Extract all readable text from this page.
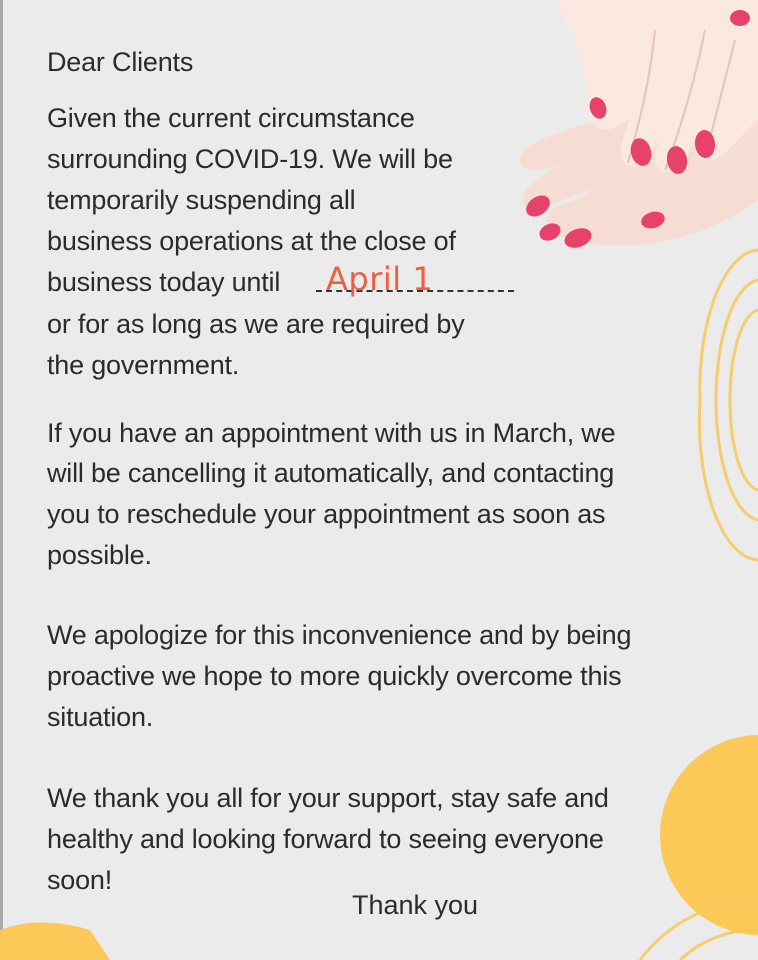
Dear Clients
Given the current circumstance
surrounding COVID-19. We will be
temporarily suspending all
business operations at the close of
business today until
or for as long as we are required by
the government.
If you have an appointment with us in March, we
will be cancelling it automatically, and contacting
you to reschedule your appointment as soon as
possible.
We apologize for this inconvenience and by being
proactive we hope to more quickly overcome this
situation.
We thank you all for your support, stay safe and
healthy and looking forward to seeing everyone
soon!
April 1
Thank you
